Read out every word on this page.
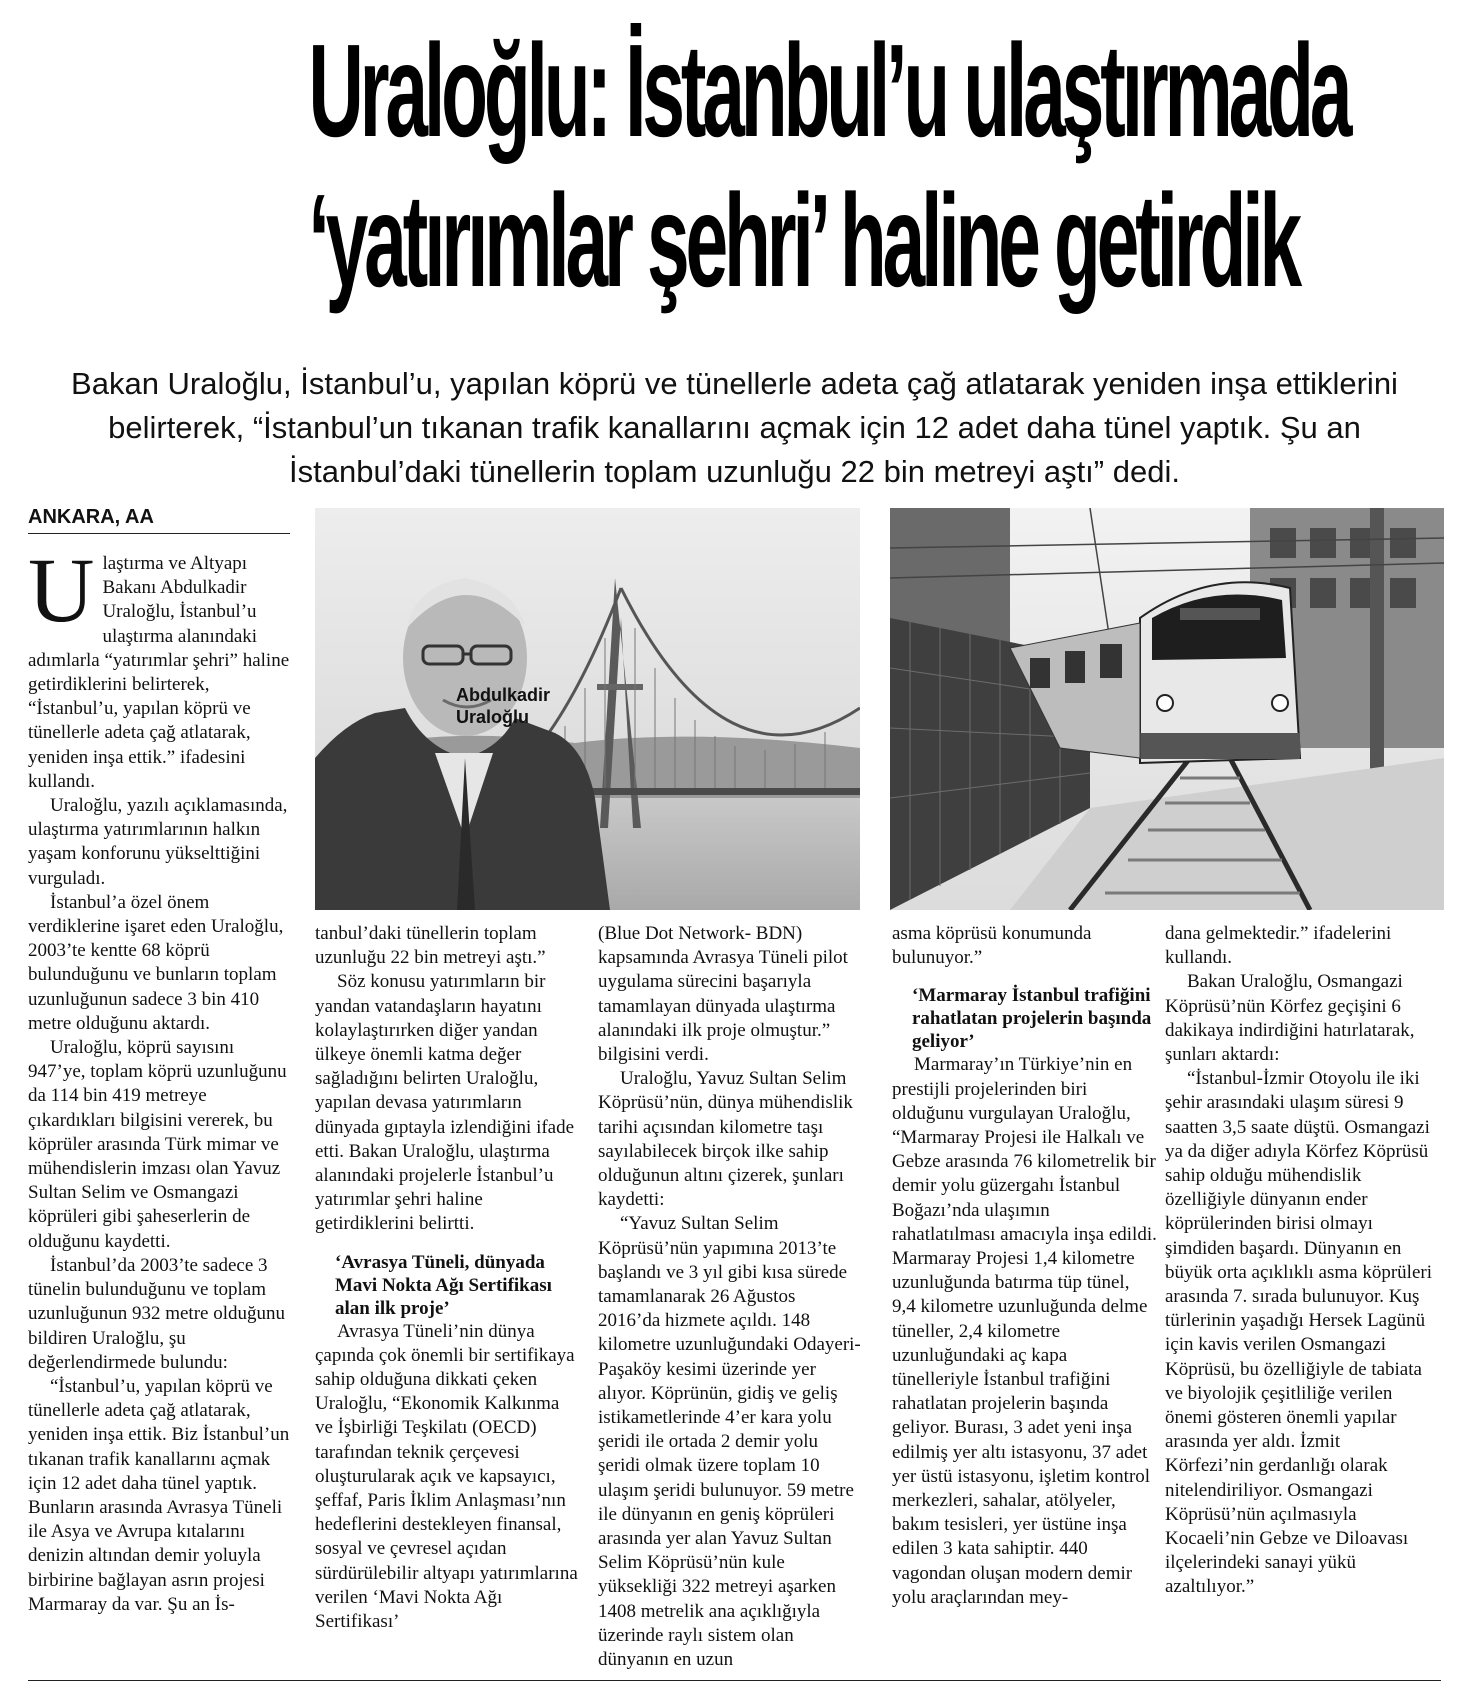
Uraloğlu: İstanbul’u ulaştırmada
‘yatırımlar şehri’ haline getirdik

Bakan Uraloğlu, İstanbul’u, yapılan köprü ve tünellerle adeta çağ atlatarak yeniden inşa ettiklerini belirterek, “İstanbul’un tıkanan trafik kanallarını açmak için 12 adet daha tünel yaptık. Şu an İstanbul’daki tünellerin toplam uzunluğu 22 bin metreyi aştı” dedi.

ANKARA, AA

Ulaştırma ve Altyapı Bakanı Abdulkadir Uraloğlu, İstanbul’u ulaştırma alanındaki adımlarla “yatırımlar şehri” haline getirdiklerini belirterek, “İstanbul’u, yapılan köprü ve tünellerle adeta çağ atlatarak, yeniden inşa ettik.” ifadesini kullandı.

Uraloğlu, yazılı açıklamasında, ulaştırma yatırımlarının halkın yaşam konforunu yükselttiğini vurguladı.

İstanbul’a özel önem verdiklerine işaret eden Uraloğlu, 2003’te kentte 68 köprü bulunduğunu ve bunların toplam uzunluğunun sadece 3 bin 410 metre olduğunu aktardı.

Uraloğlu, köprü sayısını 947’ye, toplam köprü uzunluğunu da 114 bin 419 metreye çıkardıkları bilgisini vererek, bu köprüler arasında Türk mimar ve mühendislerin imzası olan Yavuz Sultan Selim ve Osmangazi köprüleri gibi şaheserlerin de olduğunu kaydetti.

İstanbul’da 2003’te sadece 3 tünelin bulunduğunu ve toplam uzunluğunun 932 metre olduğunu bildiren Uraloğlu, şu değerlendirmede bulundu:

“İstanbul’u, yapılan köprü ve tünellerle adeta çağ atlatarak, yeniden inşa ettik. Biz İstanbul’un tıkanan trafik kanallarını açmak için 12 adet daha tünel yaptık. Bunların arasında Avrasya Tüneli ile Asya ve Avrupa kıtalarını denizin altından demir yoluyla birbirine bağlayan asrın projesi Marmaray da var. Şu an İs-

Abdulkadir
Uraloğlu

tanbul’daki tünellerin toplam uzunluğu 22 bin metreyi aştı.”

Söz konusu yatırımların bir yandan vatandaşların hayatını kolaylaştırırken diğer yandan ülkeye önemli katma değer sağladığını belirten Uraloğlu, yapılan devasa yatırımların dünyada gıptayla izlendiğini ifade etti. Bakan Uraloğlu, ulaştırma alanındaki projelerle İstanbul’u yatırımlar şehri haline getirdiklerini belirtti.

‘Avrasya Tüneli, dünyada Mavi Nokta Ağı Sertifikası alan ilk proje’

Avrasya Tüneli’nin dünya çapında çok önemli bir sertifikaya sahip olduğuna dikkati çeken Uraloğlu, “Ekonomik Kalkınma ve İşbirliği Teşkilatı (OECD) tarafından teknik çerçevesi oluşturularak açık ve kapsayıcı, şeffaf, Paris İklim Anlaşması’nın hedeflerini destekleyen finansal, sosyal ve çevresel açıdan sürdürülebilir altyapı yatırımlarına verilen ‘Mavi Nokta Ağı Sertifikası’

(Blue Dot Network- BDN) kapsamında Avrasya Tüneli pilot uygulama sürecini başarıyla tamamlayan dünyada ulaştırma alanındaki ilk proje olmuştur.” bilgisini verdi.

Uraloğlu, Yavuz Sultan Selim Köprüsü’nün, dünya mühendislik tarihi açısından kilometre taşı sayılabilecek birçok ilke sahip olduğunun altını çizerek, şunları kaydetti:

“Yavuz Sultan Selim Köprüsü’nün yapımına 2013’te başlandı ve 3 yıl gibi kısa sürede tamamlanarak 26 Ağustos 2016’da hizmete açıldı. 148 kilometre uzunluğundaki Odayeri-Paşaköy kesimi üzerinde yer alıyor. Köprünün, gidiş ve geliş istikametlerinde 4’er kara yolu şeridi ile ortada 2 demir yolu şeridi olmak üzere toplam 10 ulaşım şeridi bulunuyor. 59 metre ile dünyanın en geniş köprüleri arasında yer alan Yavuz Sultan Selim Köprüsü’nün kule yüksekliği 322 metreyi aşarken 1408 metrelik ana açıklığıyla üzerinde raylı sistem olan dünyanın en uzun

asma köprüsü konumunda bulunuyor.”

‘Marmaray İstanbul trafiğini rahatlatan projelerin başında geliyor’

Marmaray’ın Türkiye’nin en prestijli projelerinden biri olduğunu vurgulayan Uraloğlu, “Marmaray Projesi ile Halkalı ve Gebze arasında 76 kilometrelik bir demir yolu güzergahı İstanbul Boğazı’nda ulaşımın rahatlatılması amacıyla inşa edildi. Marmaray Projesi 1,4 kilometre uzunluğunda batırma tüp tünel, 9,4 kilometre uzunluğunda delme tüneller, 2,4 kilometre uzunluğundaki aç kapa tünelleriyle İstanbul trafiğini rahatlatan projelerin başında geliyor. Burası, 3 adet yeni inşa edilmiş yer altı istasyonu, 37 adet yer üstü istasyonu, işletim kontrol merkezleri, sahalar, atölyeler, bakım tesisleri, yer üstüne inşa edilen 3 kata sahiptir. 440 vagondan oluşan modern demir yolu araçlarından mey-

dana gelmektedir.” ifadelerini kullandı.

Bakan Uraloğlu, Osmangazi Köprüsü’nün Körfez geçişini 6 dakikaya indirdiğini hatırlatarak, şunları aktardı:

“İstanbul-İzmir Otoyolu ile iki şehir arasındaki ulaşım süresi 9 saatten 3,5 saate düştü. Osmangazi ya da diğer adıyla Körfez Köprüsü sahip olduğu mühendislik özelliğiyle dünyanın ender köprülerinden birisi olmayı şimdiden başardı. Dünyanın en büyük orta açıklıklı asma köprüleri arasında 7. sırada bulunuyor. Kuş türlerinin yaşadığı Hersek Lagünü için kavis verilen Osmangazi Köprüsü, bu özelliğiyle de tabiata ve biyolojik çeşitliliğe verilen önemi gösteren önemli yapılar arasında yer aldı. İzmit Körfezi’nin gerdanlığı olarak nitelendiriliyor. Osmangazi Köprüsü’nün açılmasıyla Kocaeli’nin Gebze ve Diloavası ilçelerindeki sanayi yükü azaltılıyor.”
